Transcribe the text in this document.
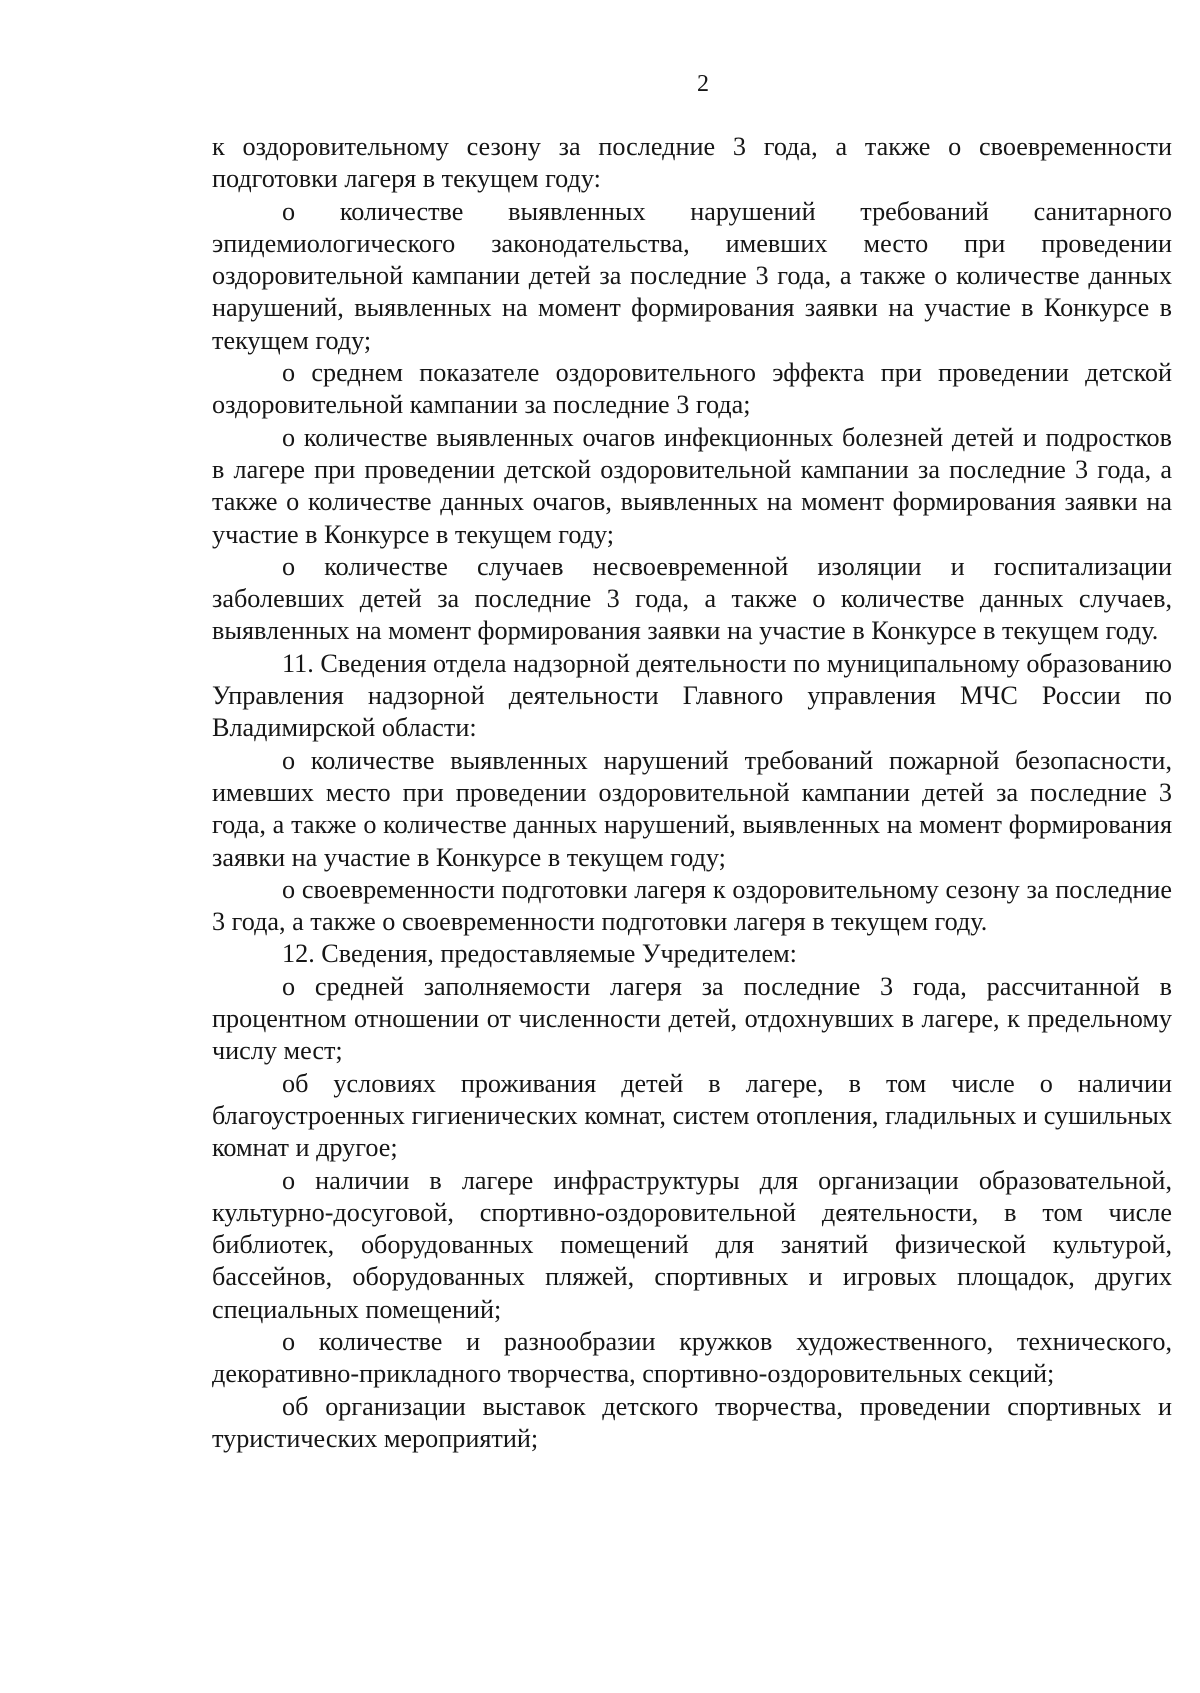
2

к оздоровительному сезону за последние 3 года, а также о своевременности подготовки лагеря в текущем году:

о количестве выявленных нарушений требований санитарного эпидемиологического законодательства, имевших место при проведении оздоровительной кампании детей за последние 3 года, а также о количестве данных нарушений, выявленных на момент формирования заявки на участие в Конкурсе в текущем году;

о среднем показателе оздоровительного эффекта при проведении детской оздоровительной кампании за последние 3 года;

о количестве выявленных очагов инфекционных болезней детей и подростков в лагере при проведении детской оздоровительной кампании за последние 3 года, а также о количестве данных очагов, выявленных на момент формирования заявки на участие в Конкурсе в текущем году;

о количестве случаев несвоевременной изоляции и госпитализации заболевших детей за последние 3 года, а также о количестве данных случаев, выявленных на момент формирования заявки на участие в Конкурсе в текущем году.

11. Сведения отдела надзорной деятельности по муниципальному образованию Управления надзорной деятельности Главного управления МЧС России по Владимирской области:

о количестве выявленных нарушений требований пожарной безопасности, имевших место при проведении оздоровительной кампании детей за последние 3 года, а также о количестве данных нарушений, выявленных на момент формирования заявки на участие в Конкурсе в текущем году;

о своевременности подготовки лагеря к оздоровительному сезону за последние 3 года, а также о своевременности подготовки лагеря в текущем году.

12. Сведения, предоставляемые Учредителем:

о средней заполняемости лагеря за последние 3 года, рассчитанной в процентном отношении от численности детей, отдохнувших в лагере, к предельному числу мест;

об условиях проживания детей в лагере, в том числе о наличии благоустроенных гигиенических комнат, систем отопления, гладильных и сушильных комнат и другое;

о наличии в лагере инфраструктуры для организации образовательной, культурно-досуговой, спортивно-оздоровительной деятельности, в том числе библиотек, оборудованных помещений для занятий физической культурой, бассейнов, оборудованных пляжей, спортивных и игровых площадок, других специальных помещений;

о количестве и разнообразии кружков художественного, технического, декоративно-прикладного творчества, спортивно-оздоровительных секций;

об организации выставок детского творчества, проведении спортивных и туристических мероприятий;
